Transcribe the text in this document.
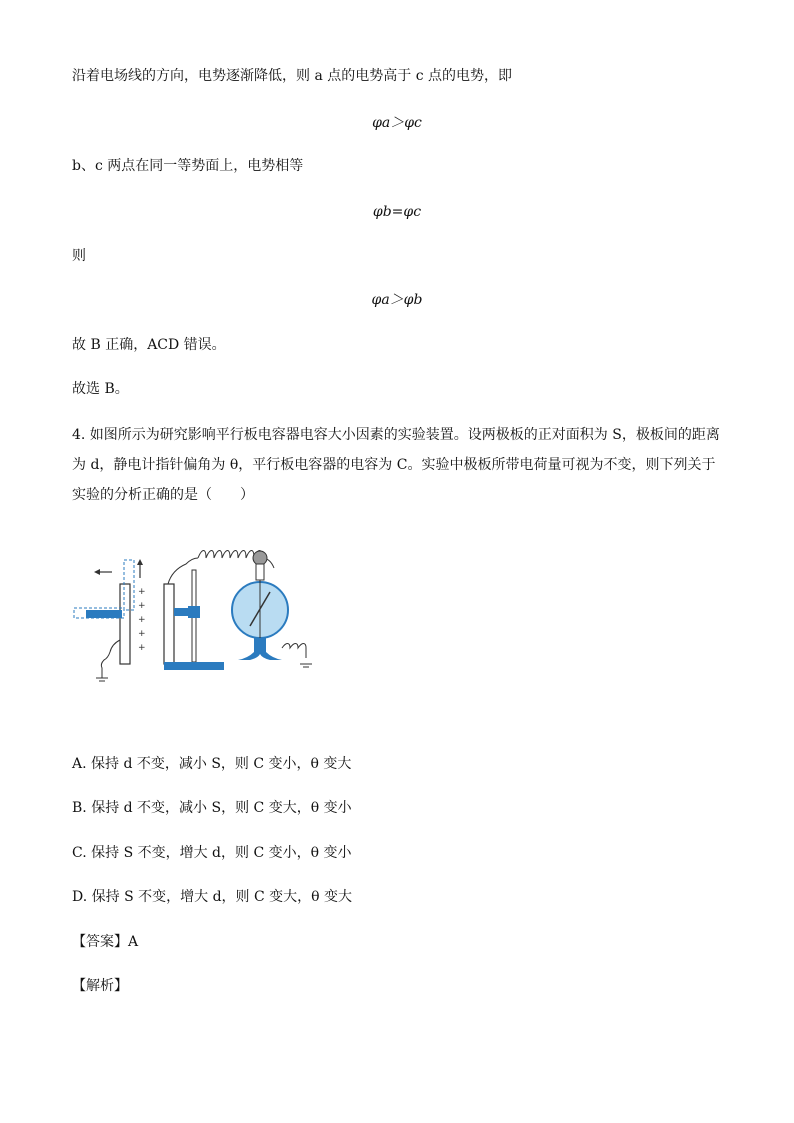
沿着电场线的方向，电势逐渐降低，则 a 点的电势高于 c 点的电势，即
φa＞φc
b、c 两点在同一等势面上，电势相等
φb=φc
则
φa＞φb
故 B 正确，ACD 错误。
故选 B。
4. 如图所示为研究影响平行板电容器电容大小因素的实验装置。设两极板的正对面积为 S，极板间的距离为 d，静电计指针偏角为 θ，平行板电容器的电容为 C。实验中极板所带电荷量可视为不变，则下列关于实验的分析正确的是（　　）
+
+
+
+
+
A. 保持 d 不变，减小 S，则 C 变小，θ 变大
B. 保持 d 不变，减小 S，则 C 变大，θ 变小
C. 保持 S 不变，增大 d，则 C 变小，θ 变小
D. 保持 S 不变，增大 d，则 C 变大，θ 变大
【答案】A
【解析】
